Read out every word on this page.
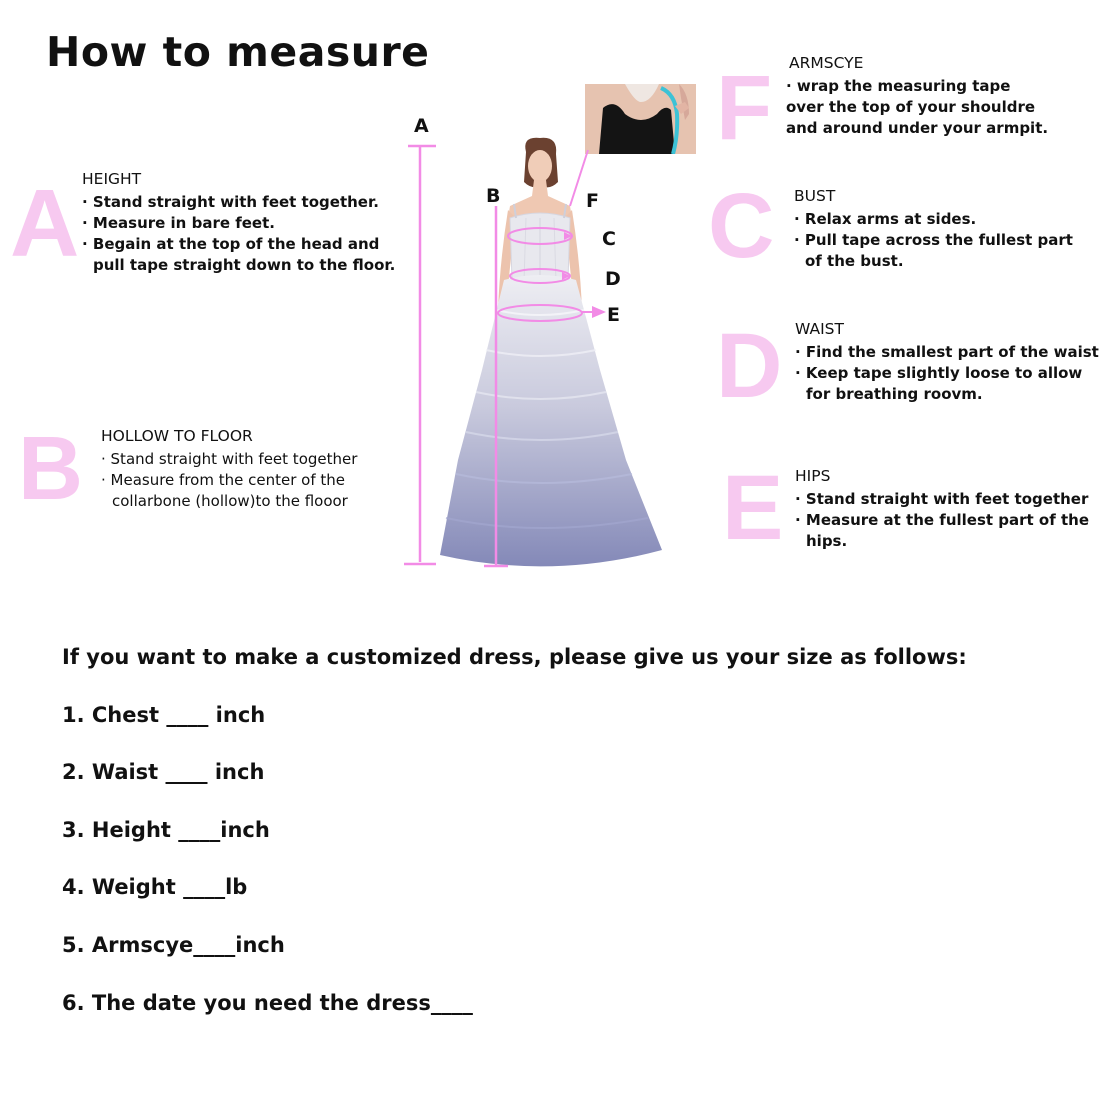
How to measure
A HEIGHT
· Stand straight with feet together.
· Measure in bare feet.
· Begain at the top of the head and
pull tape straight down to the floor.
B HOLLOW TO FLOOR
· Stand straight with feet together
· Measure from the center of the
collarbone (hollow)to the flooor
F ARMSCYE
· wrap the measuring tape
over the top of your shouldre
and around under your armpit.
C BUST
· Relax arms at sides.
· Pull tape across the fullest part
of the bust.
D WAIST
· Find the smallest part of the waist
· Keep tape slightly loose to allow
for breathing roovm.
E HIPS
· Stand straight with feet together
· Measure at the fullest part of the
hips.
A
B	F
C
D
E
If you want to make a customized dress, please give us your size as follows:
1. Chest ____ inch
2. Waist ____ inch
3. Height ____inch
4. Weight ____lb
5. Armscye____inch
6. The date you need the dress____
